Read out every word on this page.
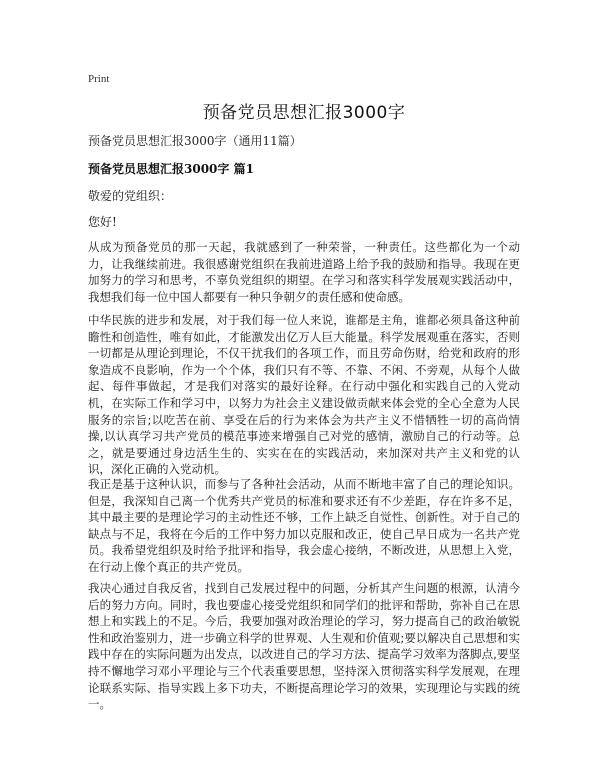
Print
预备党员思想汇报3000字
预备党员思想汇报3000字（通用11篇）
预备党员思想汇报3000字 篇1
敬爱的党组织：
您好!

从成为预备党员的那一天起，我就感到了一种荣誉，一种责任。这些都化为一个动力，让我继续前进。我很感谢党组织在我前进道路上给予我的鼓励和指导。我现在更加努力的学习和思考，不辜负党组织的期望。在学习和落实科学发展观实践活动中，我想我们每一位中国人都要有一种只争朝夕的责任感和使命感。

中华民族的进步和发展，对于我们每一位人来说，谁都是主角，谁都必须具备这种前瞻性和创造性，唯有如此，才能激发出亿万人巨大能量。科学发展观重在落实，否则一切都是从理论到理论，不仅干扰我们的各项工作，而且劳命伤财，给党和政府的形象造成不良影响，作为一个个体，我们只有不等、不靠、不闲、不旁观，从每个人做起、每件事做起，才是我们对落实的最好诠释。在行动中强化和实践自己的入党动机，在实际工作和学习中，以努力为社会主义建设做贡献来体会党的全心全意为人民服务的宗旨;以吃苦在前、享受在后的行为来体会为共产主义不惜牺牲一切的高尚情操,以认真学习共产党员的模范事迹来增强自己对党的感情，激励自己的行动等。总之，就是要通过身边活生生的、实实在在的实践活动，来加深对共产主义和党的认识，深化正确的入党动机。

我正是基于这种认识，而参与了各种社会活动，从而不断地丰富了自己的理论知识。但是，我深知自己离一个优秀共产党员的标准和要求还有不少差距，存在许多不足，其中最主要的是理论学习的主动性还不够，工作上缺乏自觉性、创新性。对于自己的缺点与不足，我将在今后的工作中努力加以克服和改正，使自己早日成为一名共产党员。我希望党组织及时给予批评和指导，我会虚心接纳，不断改进，从思想上入党，在行动上像个真正的共产党员。

我决心通过自我反省，找到自己发展过程中的问题，分析其产生问题的根源，认清今后的努力方向。同时，我也要虚心接受党组织和同学们的批评和帮助，弥补自己在思想上和实践上的不足。今后，我要加强对政治理论的学习，努力提高自己的政治敏锐性和政治鉴别力，进一步确立科学的世界观、人生观和价值观;要以解决自己思想和实践中存在的实际问题为出发点，以改进自己的学习方法、提高学习效率为落脚点,要坚持不懈地学习邓小平理论与三个代表重要思想，坚持深入贯彻落实科学发展观，在理论联系实际、指导实践上多下功夫，不断提高理论学习的效果，实现理论与实践的统一。
